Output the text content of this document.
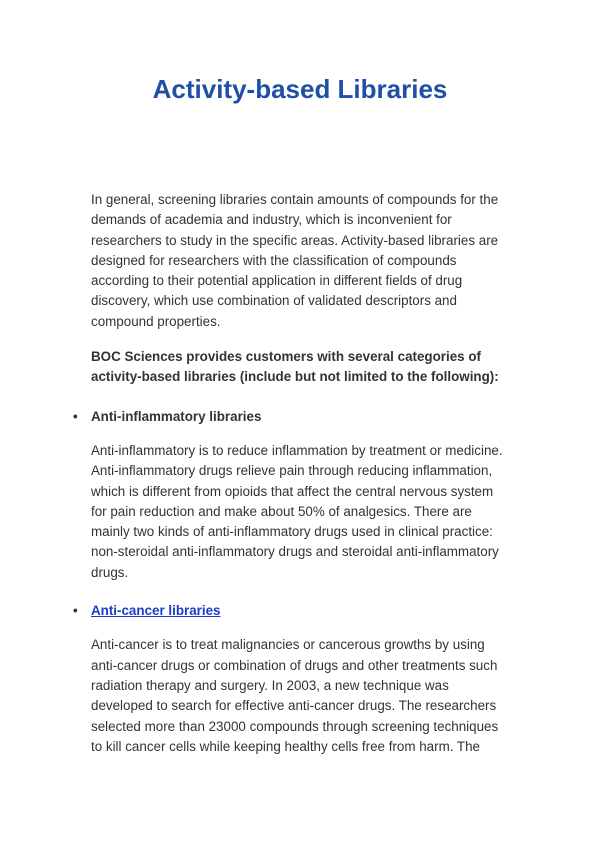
Activity-based Libraries

In general, screening libraries contain amounts of compounds for the demands of academia and industry, which is inconvenient for researchers to study in the specific areas. Activity-based libraries are designed for researchers with the classification of compounds according to their potential application in different fields of drug discovery, which use combination of validated descriptors and compound properties.

BOC Sciences provides customers with several categories of activity-based libraries (include but not limited to the following):

• Anti-inflammatory libraries

Anti-inflammatory is to reduce inflammation by treatment or medicine. Anti-inflammatory drugs relieve pain through reducing inflammation, which is different from opioids that affect the central nervous system for pain reduction and make about 50% of analgesics. There are mainly two kinds of anti-inflammatory drugs used in clinical practice: non-steroidal anti-inflammatory drugs and steroidal anti-inflammatory drugs.

• Anti-cancer libraries

Anti-cancer is to treat malignancies or cancerous growths by using anti-cancer drugs or combination of drugs and other treatments such radiation therapy and surgery. In 2003, a new technique was developed to search for effective anti-cancer drugs. The researchers selected more than 23000 compounds through screening techniques to kill cancer cells while keeping healthy cells free from harm. The
